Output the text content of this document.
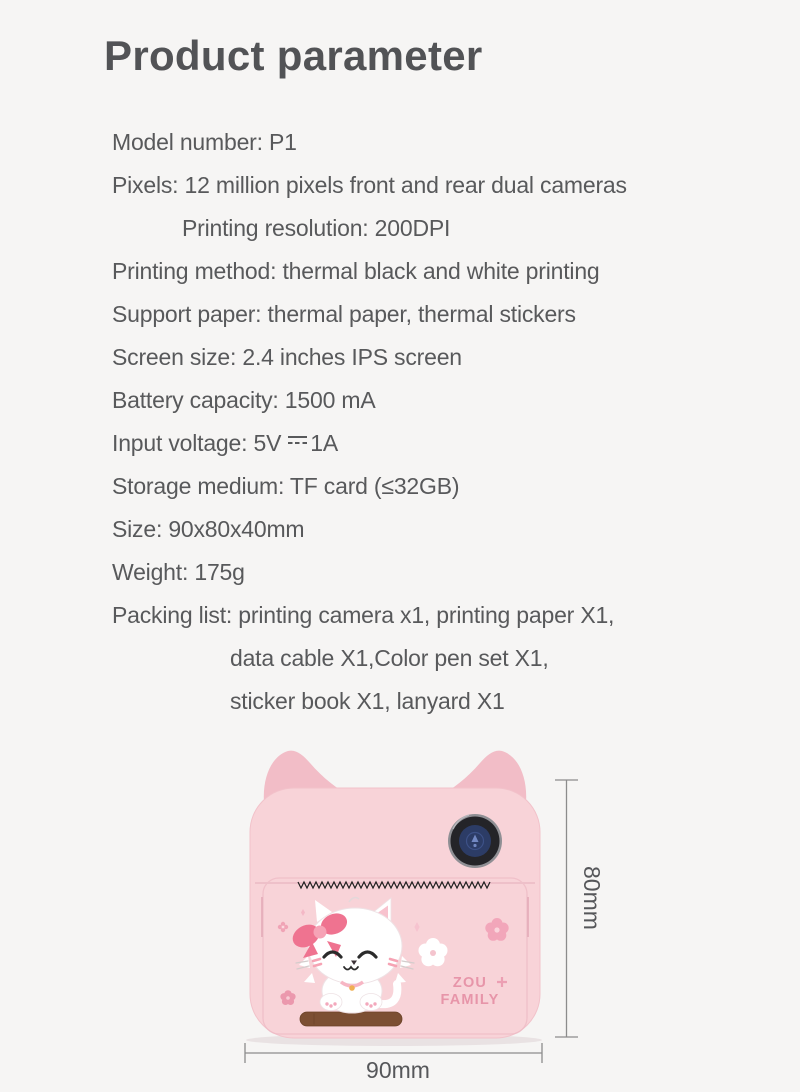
Product parameter
Model number: P1
Pixels: 12 million pixels front and rear dual cameras
Printing resolution: 200DPI
Printing method: thermal black and white printing
Support paper: thermal paper, thermal stickers
Screen size: 2.4 inches IPS screen
Battery capacity: 1500 mA
Input voltage: 5V 1A
Storage medium: TF card (≤32GB)
Size: 90x80x40mm
Weight: 175g
Packing list: printing camera x1, printing paper X1,
data cable X1,Color pen set X1,
sticker book X1, lanyard X1
ZOU
FAMILY
80mm
90mm
